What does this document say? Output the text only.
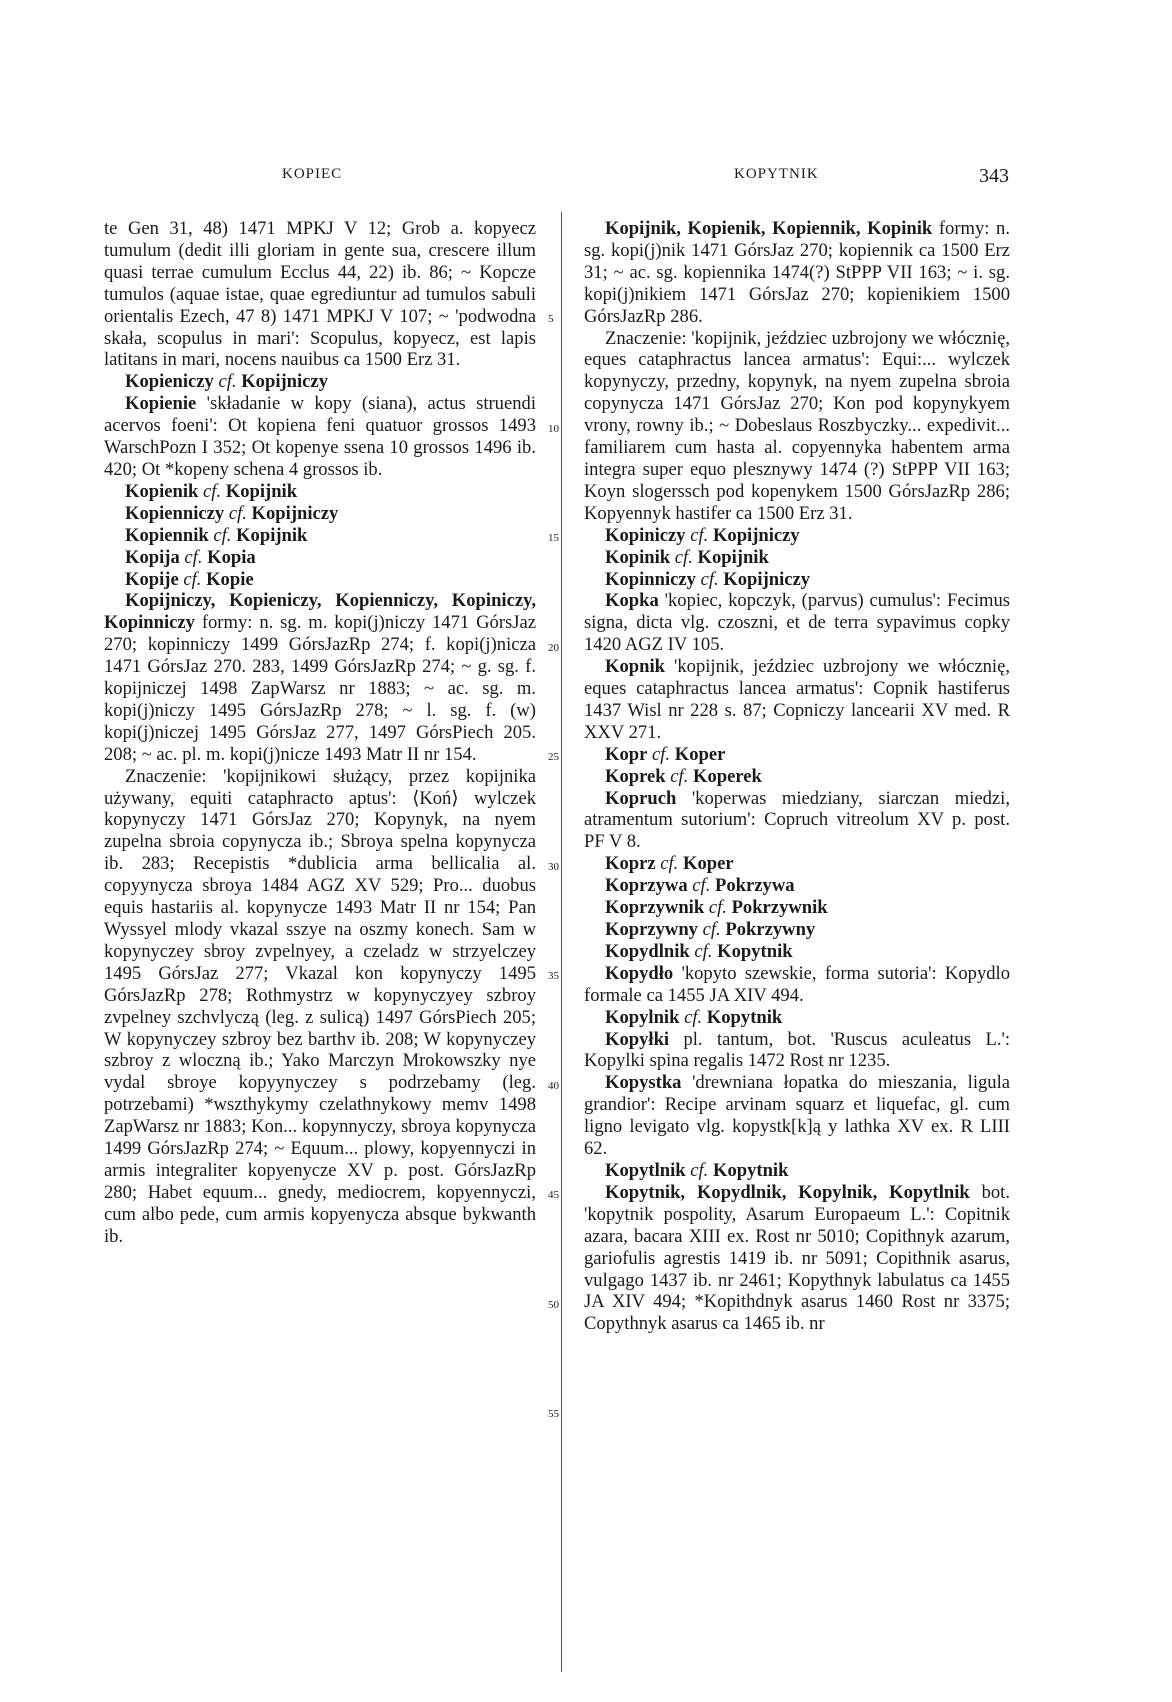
KOPIEC	KOPYTNIK	343
5
10
15
20
25
30
35
40
45
50
55

te Gen 31, 48) 1471 MPKJ V 12; Grob a. kopyecz tumulum (dedit illi gloriam in gente sua, crescere illum quasi terrae cumulum Ecclus 44, 22) ib. 86; ~ Kopcze tumulos (aquae istae, quae egrediuntur ad tumulos sabuli orientalis Ezech, 47 8) 1471 MPKJ V 107; ~ 'podwodna skała, scopulus in mari': Scopulus, kopyecz, est lapis latitans in mari, nocens nauibus ca 1500 Erz 31.

Kopieniczy cf. Kopijniczy

Kopienie 'składanie w kopy (siana), actus struendi acervos foeni': Ot kopiena feni quatuor grossos 1493 WarschPozn I 352; Ot kopenye ssena 10 grossos 1496 ib. 420; Ot *kopeny schena 4 grossos ib.

Kopienik cf. Kopijnik

Kopienniczy cf. Kopijniczy

Kopiennik cf. Kopijnik

Kopija cf. Kopia

Kopije cf. Kopie

Kopijniczy, Kopieniczy, Kopienniczy, Kopiniczy, Kopinniczy formy: n. sg. m. kopi(j)niczy 1471 GórsJaz 270; kopinniczy 1499 GórsJazRp 274; f. kopi(j)nicza 1471 GórsJaz 270. 283, 1499 GórsJazRp 274; ~ g. sg. f. kopijniczej 1498 ZapWarsz nr 1883; ~ ac. sg. m. kopi(j)niczy 1495 GórsJazRp 278; ~ l. sg. f. (w) kopi(j)niczej 1495 GórsJaz 277, 1497 GórsPiech 205. 208; ~ ac. pl. m. kopi(j)nicze 1493 Matr II nr 154.

Znaczenie: 'kopijnikowi służący, przez kopijnika używany, equiti cataphracto aptus': ⟨Koń⟩ wylczek kopynyczy 1471 GórsJaz 270; Kopynyk, na nyem zupelna sbroia copynycza ib.; Sbroya spelna kopynycza ib. 283; Recepistis *dublicia arma bellicalia al. copyynycza sbroya 1484 AGZ XV 529; Pro... duobus equis hastariis al. kopynycze 1493 Matr II nr 154; Pan Wyssyel mlody vkazal sszye na oszmy konech. Sam w kopynyczey sbroy zvpelnyey, a czeladz w strzyelczey 1495 GórsJaz 277; Vkazal kon kopynyczy 1495 GórsJazRp 278; Rothmystrz w kopynyczyey szbroy zvpelney szchvlyczą (leg. z sulicą) 1497 GórsPiech 205; W kopynyczey szbroy bez barthv ib. 208; W kopynyczey szbroy z wloczną ib.; Yako Marczyn Mrokowszky nye vydal sbroye kopyynyczey s podrzebamy (leg. potrzebami) *wszthykymy czelathnykowy memv 1498 ZapWarsz nr 1883; Kon... kopynnyczy, sbroya kopynycza 1499 GórsJazRp 274; ~ Equum... plowy, kopyennyczi in armis integraliter kopyenycze XV p. post. GórsJazRp 280; Habet equum... gnedy, mediocrem, kopyennyczi, cum albo pede, cum armis kopyenycza absque bykwanth ib.

Kopijnik, Kopienik, Kopiennik, Kopinik formy: n. sg. kopi(j)nik 1471 GórsJaz 270; kopiennik ca 1500 Erz 31; ~ ac. sg. kopiennika 1474(?) StPPP VII 163; ~ i. sg. kopi(j)nikiem 1471 GórsJaz 270; kopienikiem 1500 GórsJazRp 286.

Znaczenie: 'kopijnik, jeździec uzbrojony we włócznię, eques cataphractus lancea armatus': Equi:... wylczek kopynyczy, przedny, kopynyk, na nyem zupelna sbroia copynycza 1471 GórsJaz 270; Kon pod kopynykyem vrony, rowny ib.; ~ Dobeslaus Roszbyczky... expedivit... familiarem cum hasta al. copyennyka habentem arma integra super equo plesznywy 1474 (?) StPPP VII 163; Koyn slogerssch pod kopenykem 1500 GórsJazRp 286; Kopyennyk hastifer ca 1500 Erz 31.

Kopiniczy cf. Kopijniczy

Kopinik cf. Kopijnik

Kopinniczy cf. Kopijniczy

Kopka 'kopiec, kopczyk, (parvus) cumulus': Fecimus signa, dicta vlg. czoszni, et de terra sypavimus copky 1420 AGZ IV 105.

Kopnik 'kopijnik, jeździec uzbrojony we włócznię, eques cataphractus lancea armatus': Copnik hastiferus 1437 Wisl nr 228 s. 87; Copniczy lancearii XV med. R XXV 271.

Kopr cf. Koper

Koprek cf. Koperek

Kopruch 'koperwas miedziany, siarczan miedzi, atramentum sutorium': Copruch vitreolum XV p. post. PF V 8.

Koprz cf. Koper

Koprzywa cf. Pokrzywa

Koprzywnik cf. Pokrzywnik

Koprzywny cf. Pokrzywny

Kopydlnik cf. Kopytnik

Kopydło 'kopyto szewskie, forma sutoria': Kopydlo formale ca 1455 JA XIV 494.

Kopylnik cf. Kopytnik

Kopyłki pl. tantum, bot. 'Ruscus aculeatus L.': Kopylki spina regalis 1472 Rost nr 1235.

Kopystka 'drewniana łopatka do mieszania, ligula grandior': Recipe arvinam squarz et liquefac, gl. cum ligno levigato vlg. kopystk[k]ą y lathka XV ex. R LIII 62.

Kopytlnik cf. Kopytnik

Kopytnik, Kopydlnik, Kopylnik, Kopytlnik bot. 'kopytnik pospolity, Asarum Europaeum L.': Copitnik azara, bacara XIII ex. Rost nr 5010; Copithnyk azarum, gariofulis agrestis 1419 ib. nr 5091; Copithnik asarus, vulgago 1437 ib. nr 2461; Kopythnyk labulatus ca 1455 JA XIV 494; *Kopithdnyk asarus 1460 Rost nr 3375; Copythnyk asarus ca 1465 ib. nr
